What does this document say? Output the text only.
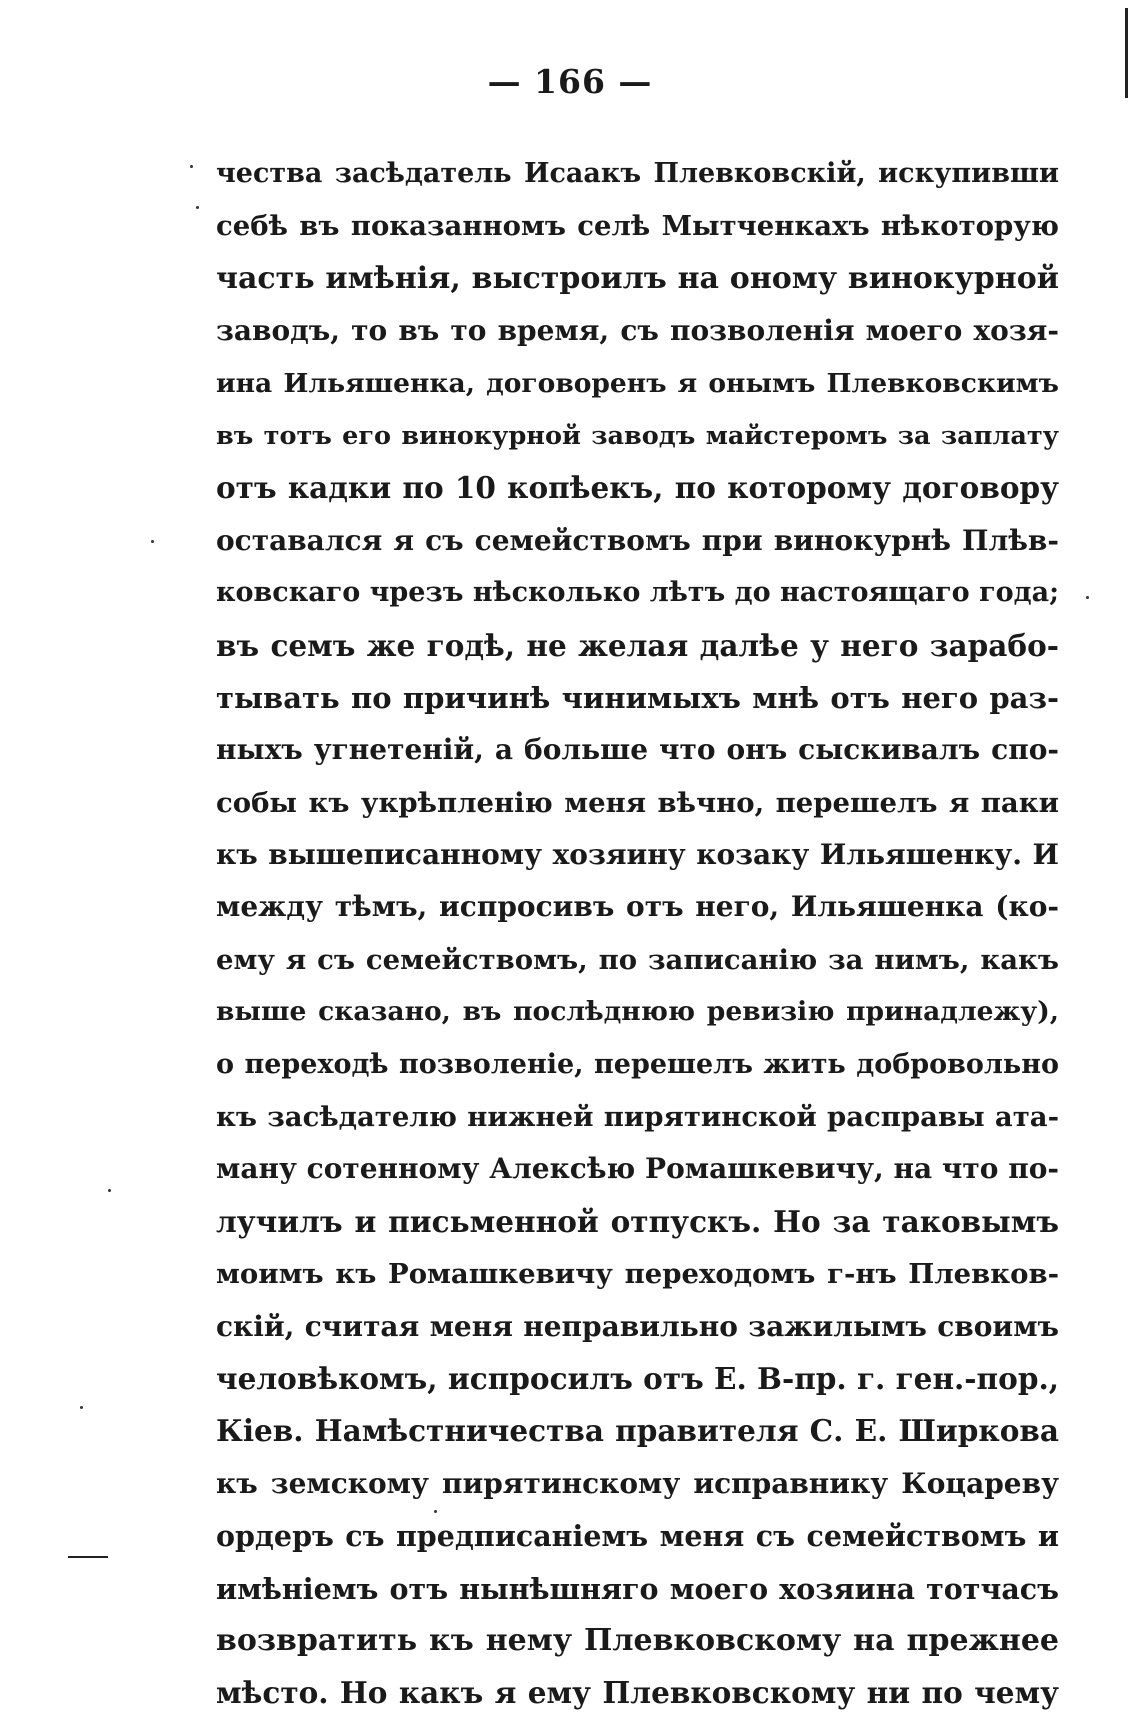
— 166 —
чества засѣдатель Исаакъ Плевковскій, искупивши
себѣ въ показанномъ селѣ Мытченкахъ нѣкоторую
часть имѣнія, выстроилъ на оному винокурной
заводъ, то въ то время, съ позволенія моего хозя-
ина Ильяшенка, договоренъ я онымъ Плевковскимъ
въ тотъ его винокурной заводъ майстеромъ за заплату
отъ кадки по 10 копѣекъ, по которому договору
оставался я съ семействомъ при винокурнѣ Плѣв-
ковскаго чрезъ нѣсколько лѣтъ до настоящаго года;
въ семъ же годѣ, не желая далѣе у него зарабо-
тывать по причинѣ чинимыхъ мнѣ отъ него раз-
ныхъ угнетеній, а больше что онъ сыскивалъ спо-
собы къ укрѣпленію меня вѣчно, перешелъ я паки
къ вышеписанному хозяину козаку Ильяшенку. И
между тѣмъ, испросивъ отъ него, Ильяшенка (ко-
ему я съ семействомъ, по записанію за нимъ, какъ
выше сказано, въ послѣднюю ревизію принадлежу),
о переходѣ позволеніе, перешелъ жить добровольно
къ засѣдателю нижней пирятинской расправы ата-
ману сотенному Алексѣю Ромашкевичу, на что по-
лучилъ и письменной отпускъ. Но за таковымъ
моимъ къ Ромашкевичу переходомъ г-нъ Плевков-
скій, считая меня неправильно зажилымъ своимъ
человѣкомъ, испросилъ отъ Е. В-пр. г. ген.-пор.,
Кіев. Намѣстничества правителя С. Е. Ширкова
къ земскому пирятинскому исправнику Коцареву
ордеръ съ предписаніемъ меня съ семействомъ и
имѣніемъ отъ нынѣшняго моего хозяина тотчасъ
возвратить къ нему Плевковскому на прежнее
мѣсто. Но какъ я ему Плевковскому ни по чему
